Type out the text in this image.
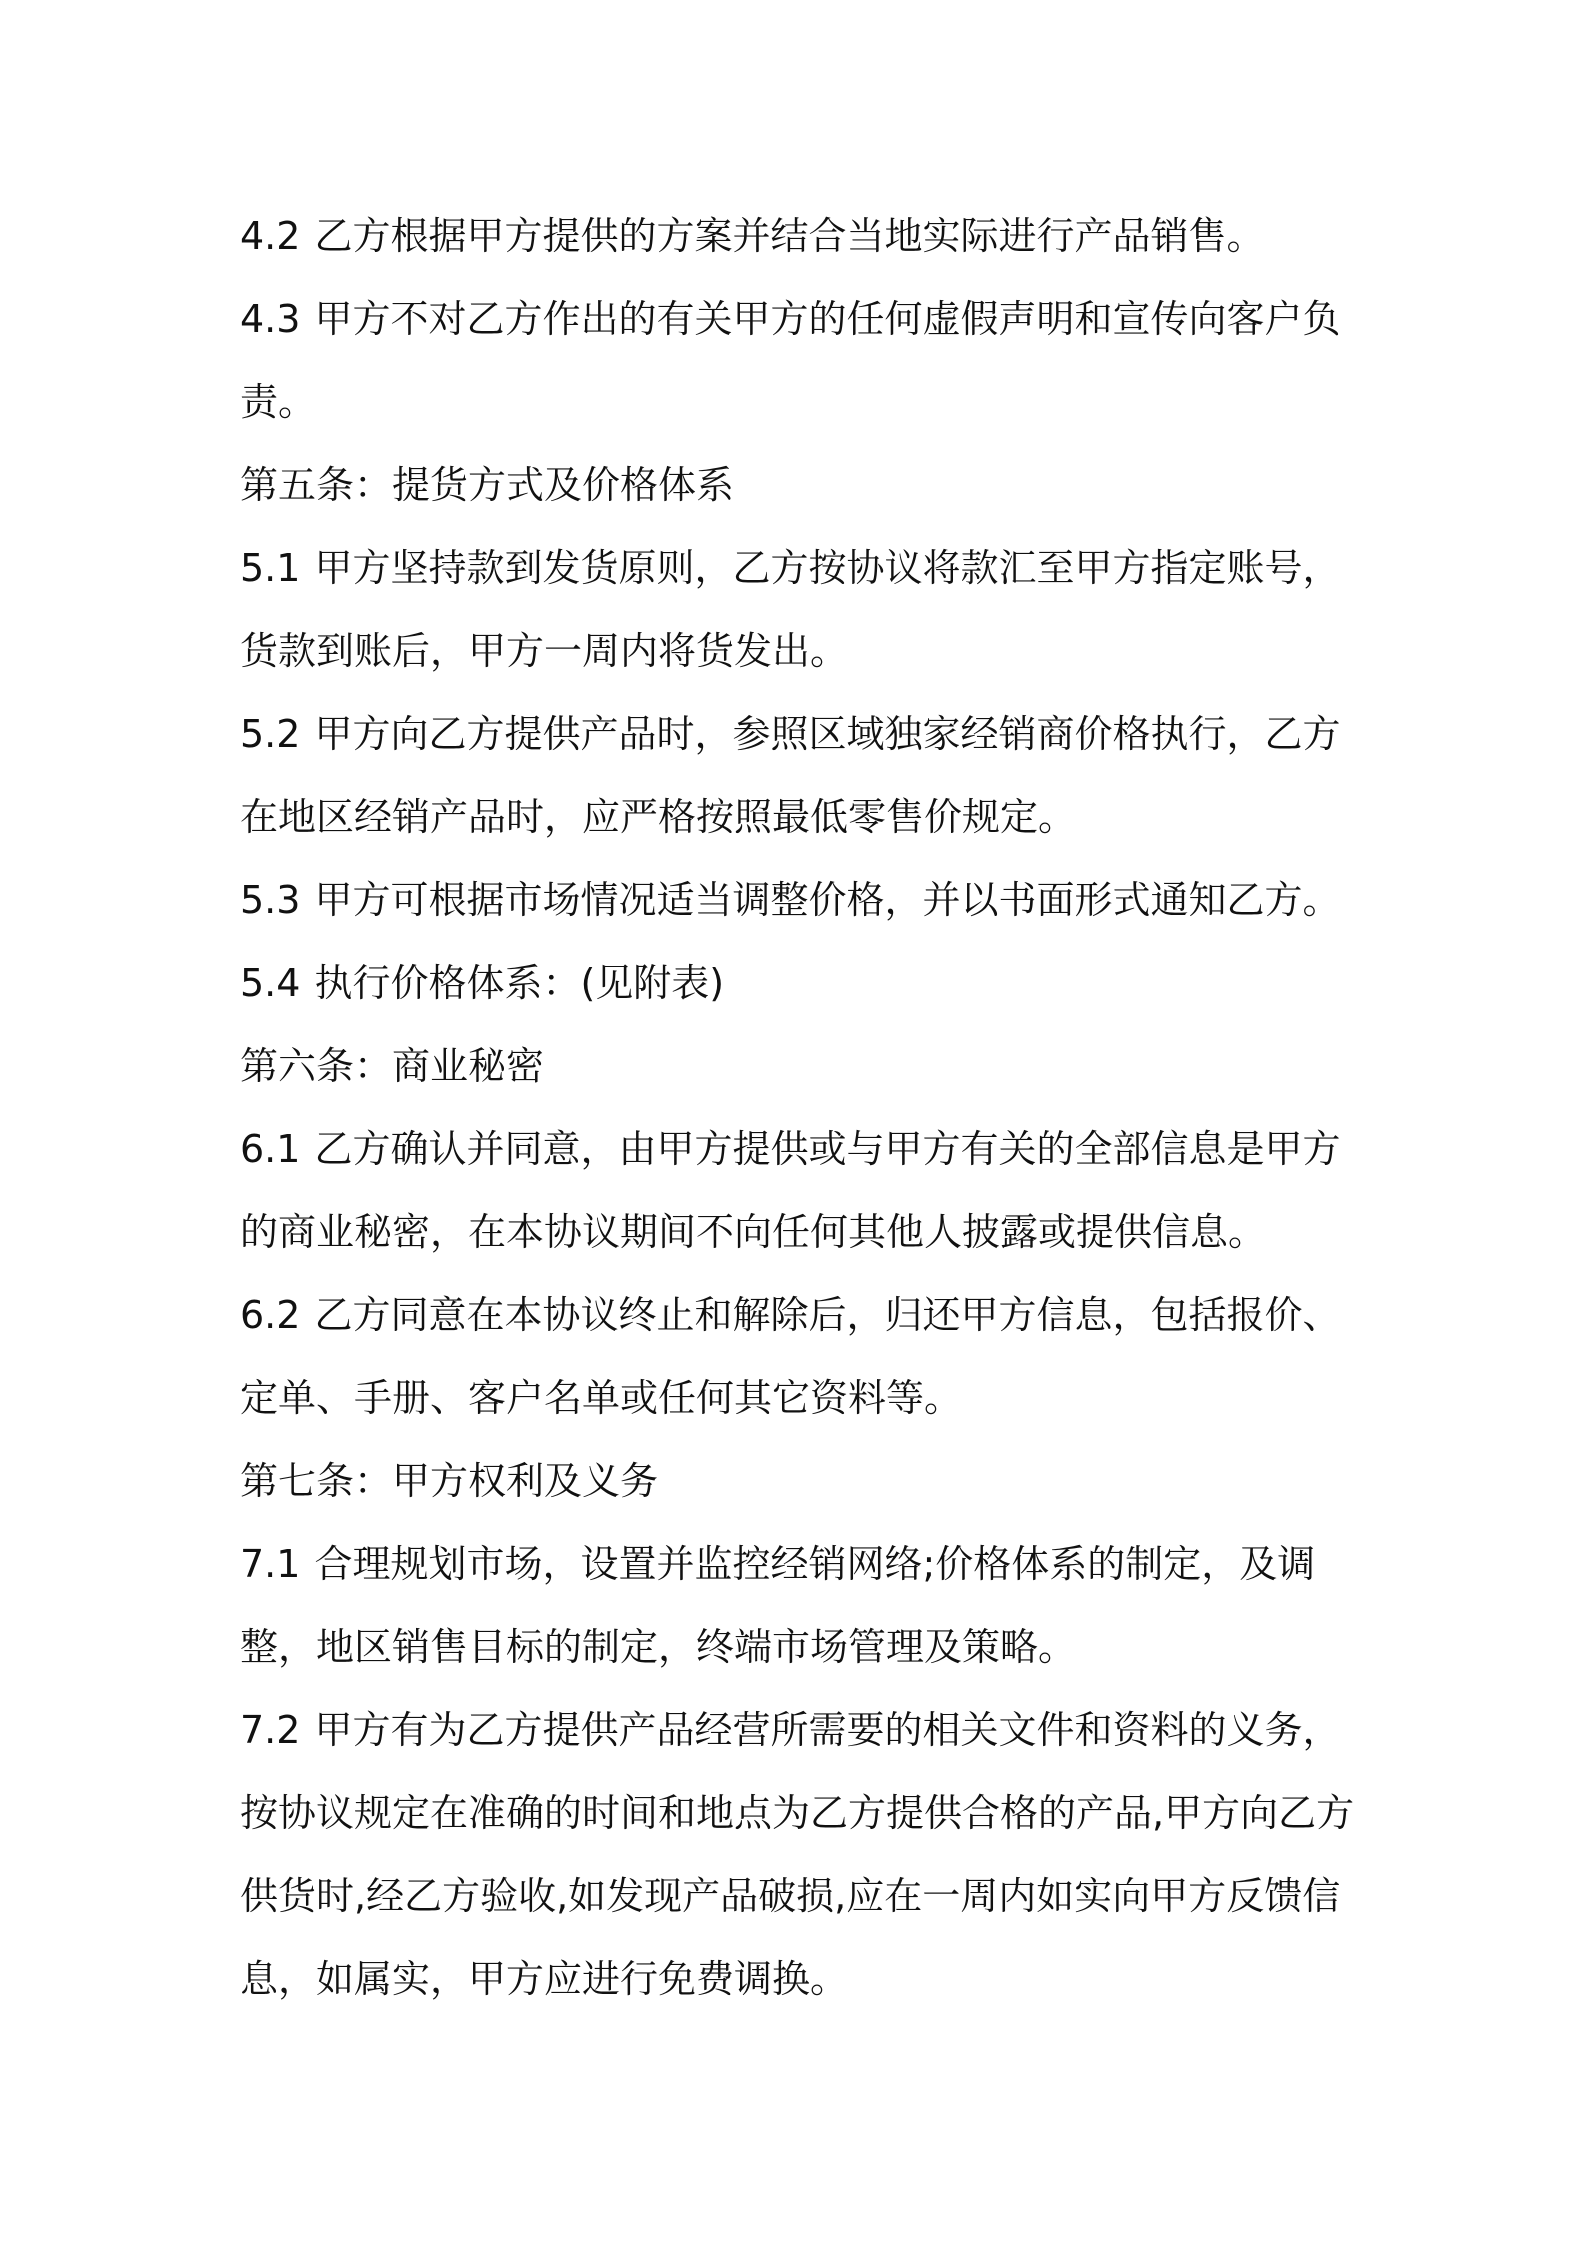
4.2 乙方根据甲方提供的方案并结合当地实际进行产品销售。

4.3 甲方不对乙方作出的有关甲方的任何虚假声明和宣传向客户负责。

第五条：提货方式及价格体系

5.1 甲方坚持款到发货原则，乙方按协议将款汇至甲方指定账号，货款到账后，甲方一周内将货发出。

5.2 甲方向乙方提供产品时，参照区域独家经销商价格执行，乙方在地区经销产品时，应严格按照最低零售价规定。

5.3 甲方可根据市场情况适当调整价格，并以书面形式通知乙方。

5.4 执行价格体系：(见附表)

第六条：商业秘密

6.1 乙方确认并同意，由甲方提供或与甲方有关的全部信息是甲方的商业秘密，在本协议期间不向任何其他人披露或提供信息。

6.2 乙方同意在本协议终止和解除后，归还甲方信息，包括报价、定单、手册、客户名单或任何其它资料等。

第七条：甲方权利及义务

7.1 合理规划市场，设置并监控经销网络;价格体系的制定，及调整，地区销售目标的制定，终端市场管理及策略。

7.2 甲方有为乙方提供产品经营所需要的相关文件和资料的义务，按协议规定在准确的时间和地点为乙方提供合格的产品,甲方向乙方供货时,经乙方验收,如发现产品破损,应在一周内如实向甲方反馈信息，如属实，甲方应进行免费调换。
